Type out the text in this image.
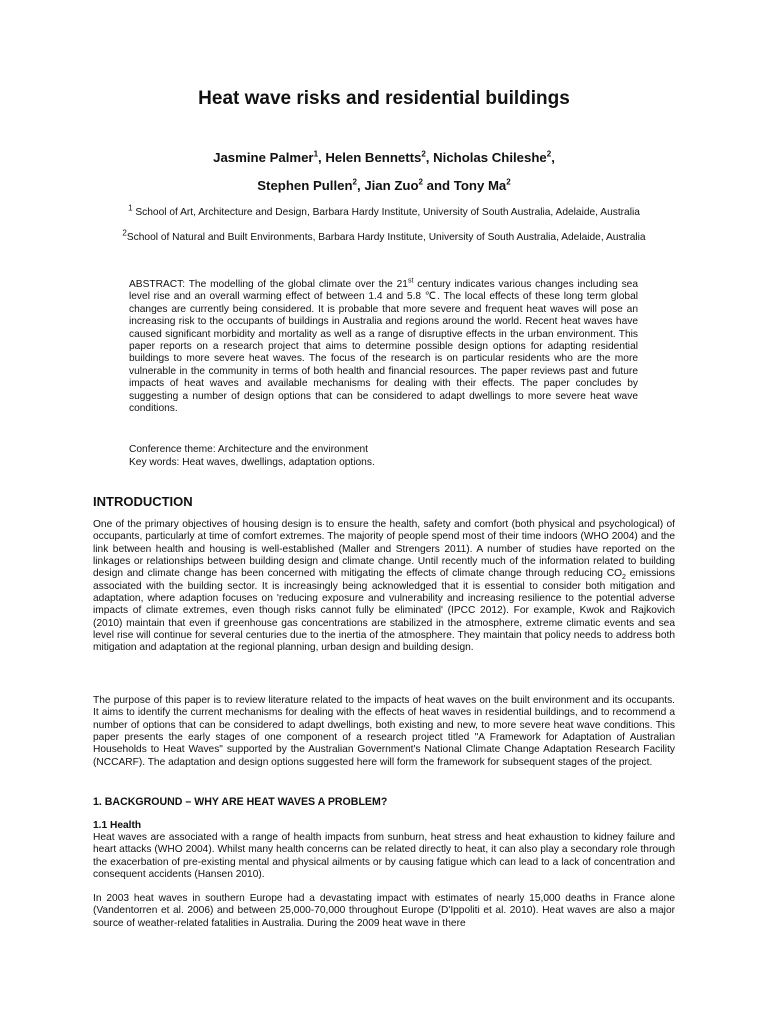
Heat wave risks and residential buildings

Jasmine Palmer$^1$, Helen Bennetts$^2$, Nicholas Chileshe$^2$,

Stephen Pullen$^2$, Jian Zuo$^2$ and Tony Ma$^2$

$^1$ School of Art, Architecture and Design, Barbara Hardy Institute, University of South Australia, Adelaide, Australia

$^2$School of Natural and Built Environments, Barbara Hardy Institute, University of South Australia, Adelaide, Australia

ABSTRACT: The modelling of the global climate over the 21st century indicates various changes including sea level rise and an overall warming effect of between 1.4 and 5.8 ℃. The local effects of these long term global changes are currently being considered. It is probable that more severe and frequent heat waves will pose an increasing risk to the occupants of buildings in Australia and regions around the world. Recent heat waves have caused significant morbidity and mortality as well as a range of disruptive effects in the urban environment. This paper reports on a research project that aims to determine possible design options for adapting residential buildings to more severe heat waves. The focus of the research is on particular residents who are the more vulnerable in the community in terms of both health and financial resources. The paper reviews past and future impacts of heat waves and available mechanisms for dealing with their effects. The paper concludes by suggesting a number of design options that can be considered to adapt dwellings to more severe heat wave conditions.

Conference theme: Architecture and the environment
Key words: Heat waves, dwellings, adaptation options.
INTRODUCTION

One of the primary objectives of housing design is to ensure the health, safety and comfort (both physical and psychological) of occupants, particularly at time of comfort extremes. The majority of people spend most of their time indoors (WHO 2004) and the link between health and housing is well-established (Maller and Strengers 2011). A number of studies have reported on the linkages or relationships between building design and climate change. Until recently much of the information related to building design and climate change has been concerned with mitigating the effects of climate change through reducing $CO_2$ emissions associated with the building sector. It is increasingly being acknowledged that it is essential to consider both mitigation and adaptation, where adaption focuses on 'reducing exposure and vulnerability and increasing resilience to the potential adverse impacts of climate extremes, even though risks cannot fully be eliminated' (IPCC 2012). For example, Kwok and Rajkovich (2010) maintain that even if greenhouse gas concentrations are stabilized in the atmosphere, extreme climatic events and sea level rise will continue for several centuries due to the inertia of the atmosphere. They maintain that policy needs to address both mitigation and adaptation at the regional planning, urban design and building design.

The purpose of this paper is to review literature related to the impacts of heat waves on the built environment and its occupants. It aims to identify the current mechanisms for dealing with the effects of heat waves in residential buildings, and to recommend a number of options that can be considered to adapt dwellings, both existing and new, to more severe heat wave conditions. This paper presents the early stages of one component of a research project titled "A Framework for Adaptation of Australian Households to Heat Waves" supported by the Australian Government's National Climate Change Adaptation Research Facility (NCCARF). The adaptation and design options suggested here will form the framework for subsequent stages of the project.

1. BACKGROUND – WHY ARE HEAT WAVES A PROBLEM?
1.1 Health

Heat waves are associated with a range of health impacts from sunburn, heat stress and heat exhaustion to kidney failure and heart attacks (WHO 2004). Whilst many health concerns can be related directly to heat, it can also play a secondary role through the exacerbation of pre-existing mental and physical ailments or by causing fatigue which can lead to a lack of concentration and consequent accidents (Hansen 2010).

In 2003 heat waves in southern Europe had a devastating impact with estimates of nearly 15,000 deaths in France alone (Vandentorren et al. 2006) and between 25,000-70,000 throughout Europe (D'Ippoliti et al. 2010). Heat waves are also a major source of weather-related fatalities in Australia. During the 2009 heat wave in there
